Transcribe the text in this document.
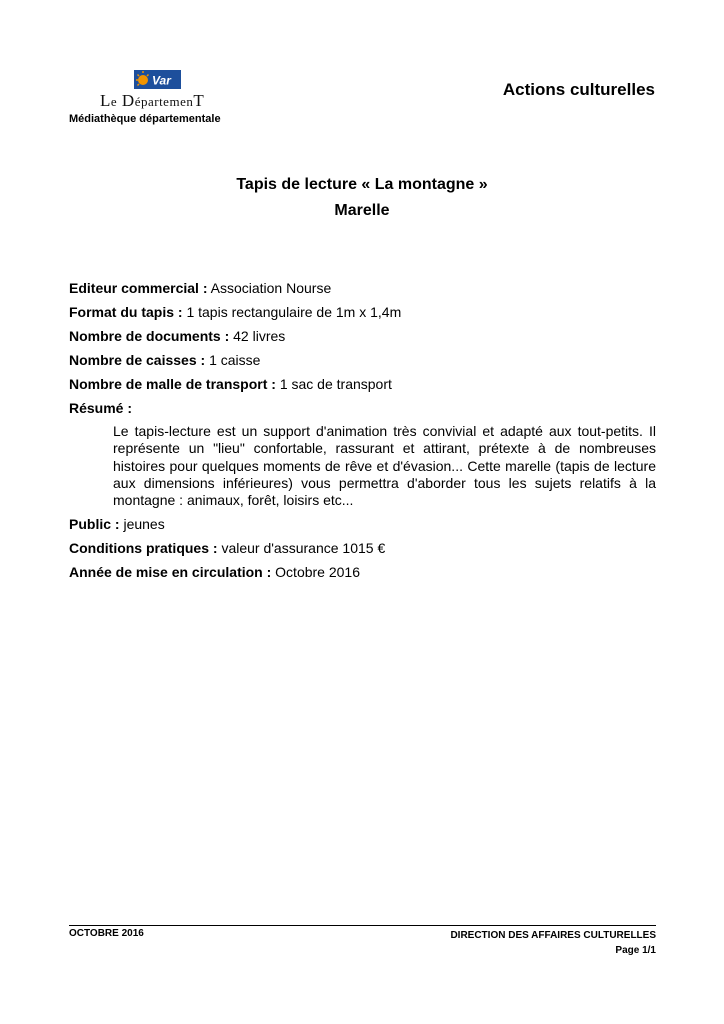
Var
Le DépartemenT
Médiathèque départementale
Actions culturelles
Tapis de lecture « La montagne »
Marelle
Editeur commercial : Association Nourse
Format du tapis : 1 tapis rectangulaire de 1m x 1,4m
Nombre de documents : 42 livres
Nombre de caisses : 1 caisse
Nombre de malle de transport : 1 sac de transport
Résumé :
Le tapis-lecture est un support d'animation très convivial et adapté aux tout-petits. Il représente un "lieu" confortable, rassurant et attirant, prétexte à de nombreuses histoires pour quelques moments de rêve et d'évasion... Cette marelle (tapis de lecture aux dimensions inférieures) vous permettra d'aborder tous les sujets relatifs à la montagne : animaux, forêt, loisirs etc...
Public : jeunes
Conditions pratiques : valeur d'assurance 1015 €
Année de mise en circulation : Octobre 2016
OCTOBRE 2016	DIRECTION DES AFFAIRES CULTURELLES
Page 1/1
